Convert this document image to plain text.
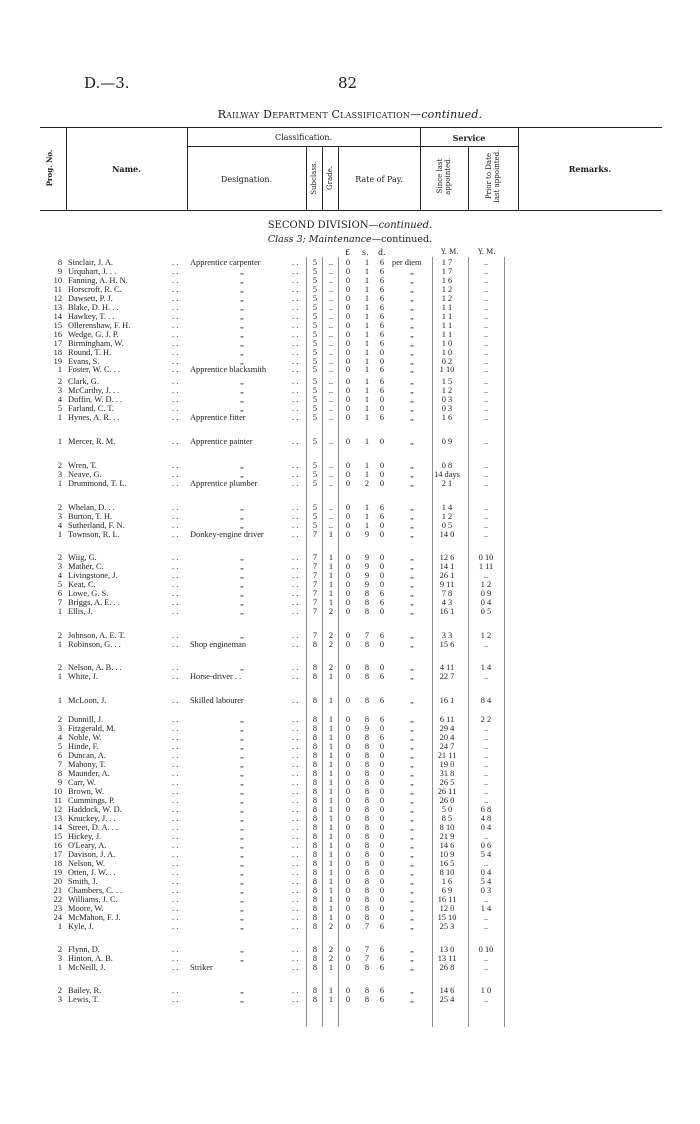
D.—3.	82
Railway Department Classification—continued.
Prog. No.	Name.
Classification.
Designation.	Subclass. Grade.	Rate of Pay.
Service
Since last appointed.	Prior to Date last appointed.	Remarks.
SECOND DIVISION—continued.
Class 3; Maintenance—continued.
£ s. d.	Y. M.	Y. M.
. .	. .
8 Sinclair, J. A.	Apprentice carpenter	5	..	0	1	6 per diem	1 7	..
. .	. .
9 Urquhart, J. . .	„	5	..	0	1	6	„	1 7	..
. .	. .
10 Fanning, A. H. N.	„	5	..	0	1	6	„	1 6	..
. .	. .
11 Horscroft, R. C.	„	5	..	0	1	6	„	1 2	..
. .	. .
12 Dawsett, P. J.	„	5	..	0	1	6	„	1 2	..
. .	. .
13 Blake, D. H. . .	„	5	..	0	1	6	„	1 1	..
. .	. .
14 Hawkey, T. . .	„	5	..	0	1	6	„	1 1	..
. .	. .
15 Ollerenshaw, F. H.	„	5	..	0	1	6	„	1 1	..
. .	. .
16 Wedge, G. J. P.	„	5	..	0	1	6	„	1 1	..
. .	. .
17 Birmingham, W.	„	5	..	0	1	6	„	1 0	..
. .	. .
18 Round, T. H.	„	5	..	0	1	0	„	1 0	..
. .	. .
19 Evans, S.	„	5	..	0	1	0	„	0 2	..
. .	. .
1 Foster, W. C. . .	Apprentice blacksmith	5	..	0	1	6	„	1 10	..
. .	. .
2 Clark, G.	„	5	..	0	1	6	„	1 5	..
. .	. .
3 McCarthy, J. . .	„	5	..	0	1	6	„	1 2	..
. .	. .
4 Duffin, W. D. . .	„	5	..	0	1	0	„	0 3	..
. .	. .
5 Farland, C. T.	„	5	..	0	1	0	„	0 3	..
. .	. .
1 Hynes, A. R. . .	Apprentice fitter	5	..	0	1	6	„	1 6	..
. .	. .
1 Mercer, R. M.	Apprentice painter	5	..	0	1	0	„	0 9	..
. .	. .
2 Wren, T.	„	5	..	0	1	0	„	0 8	..
. .	. .
3 Neave, G.	„	5	..	0	1	0	„ 14 days	..
. .	. .
1 Drummond, T. L.	Apprentice plumber	5	..	0	2	0	„	2 1	..
. .	. .
2 Whelan, D. . .	„	5	..	0	1	6	„	1 4	..
. .	. .
3 Burton, T. H.	„	5	..	0	1	6	„	1 2	..
. .	. .
4 Sutherland, F. N.	„	5	..	0	1	0	„	0 5	..
. .	. .
1 Townson, R. L.	Donkey-engine driver	7	1	0	9	0	„	14 0	..
. .	. .
2 Wiig, G.	„	7	1	0	9	0	„	12 6	0 10
. .	. .
3 Mather, C.	„	7	1	0	9	0	„	14 1	1 11
. .	. .
4 Livingstone, J.	„	7	1	0	9	0	„	26 1	..
. .	. .
5 Keat, C.	„	7	1	0	9	0	„	9 11	1 2
. .	. .
6 Lowe, G. S.	„	7	1	0	8	6	„	7 8	0 9
. .	. .
7 Briggs, A. E. . .	„	7	1	0	8	6	„	4 3	0 4
. .	. .
1 Ellis, J.	„	7	2	0	8	0	„	16 1	0 5
. .	. .
2 Johnson, A. E. T.	„	7	2	0	7	6	„	3 3	1 2
. .	. .
1 Robinson, G. . .	Shop engineman	8	2	0	8	0	„	15 6	..
. .	. .
2 Nelson, A. B. . .	„	8	2	0	8	0	„	4 11	1 4
. .	. .
1 White, J.	Horse-driver . .	8	1	0	8	6	„	22 7	..
. .	. .
1 McLoon, J.	Skilled labourer	8	1	0	8	6	„	16 1	8 4
. .	. .
2 Dunnill, J.	„	8	1	0	8	6	„	6 11	2 2
. .	. .
3 Fitzgerald, M.	„	8	1	0	9	0	„	29 4	..
. .	. .
4 Noble, W.	„	8	1	0	8	6	„	20 4	..
. .	. .
5 Hinde, F.	„	8	1	0	8	0	„	24 7	..
. .	. .
6 Duncan, A.	„	8	1	0	8	0	„	21 11	..
. .	. .
7 Mahony, T.	„	8	1	0	8	0	„	19 0	..
. .	. .
8 Maunder, A.	„	8	1	0	8	0	„	31 8	..
. .	. .
9 Carr, W.	„	8	1	0	8	0	„	26 5	..
. .	. .
10 Brown, W.	„	8	1	0	8	0	„	26 11	..
. .	. .
11 Cummings, P.	„	8	1	0	8	0	„	26 0	..
. .	. .
12 Haddock, W. D.	„	8	1	0	8	0	„	5 0	6 8
. .	. .
13 Knuckey, J. . .	„	8	1	0	8	0	„	8 5	4 8
. .	. .
14 Street, D. A. . .	„	8	1	0	8	0	„	8 10	0 4
. .	. .
15 Hickey, J.	„	8	1	0	8	0	„	21 9	..
. .	. .
16 O'Leary, A.	„	8	1	0	8	0	„	14 6	0 6
. .	. .
17 Davison, J. A.	„	8	1	0	8	0	„	10 9	5 4
. .	. .
18 Nelson, W.	„	8	1	0	8	0	„	16 5	..
. .	. .
19 Otten, J. W. . .	„	8	1	0	8	0	„	8 10	0 4
. .	. .
20 Smith, J.	„	8	1	0	8	0	„	1 6	5 4
. .	. .
21 Chambers, C. . .	„	8	1	0	8	0	„	6 9	0 3
. .	. .
22 Williams, J. C.	„	8	1	0	8	0	„	16 11	..
. .	. .
23 Moore, W.	„	8	1	0	8	0	„	12 0	1 4
. .	. .
24 McMahon, F. J.	„	8	1	0	8	0	„	15 10	..
. .	. .
1 Kyle, J.	„	8	2	0	7	6	„	25 3	..
. .	. .
2 Flynn, D.	„	8	2	0	7	6	„	13 0	0 10
. .	. .
3 Hinton, A. B.	„	8	2	0	7	6	„	13 11	..
. .	. .
1 McNeill, J.	Striker	8	1	0	8	6	„	26 8	..
. .	. .
2 Bailey, R.	„	8	1	0	8	6	„	14 6	1 0
. .	. .
3 Lewis, T.	„	8	1	0	8	6	„	25 4	..
